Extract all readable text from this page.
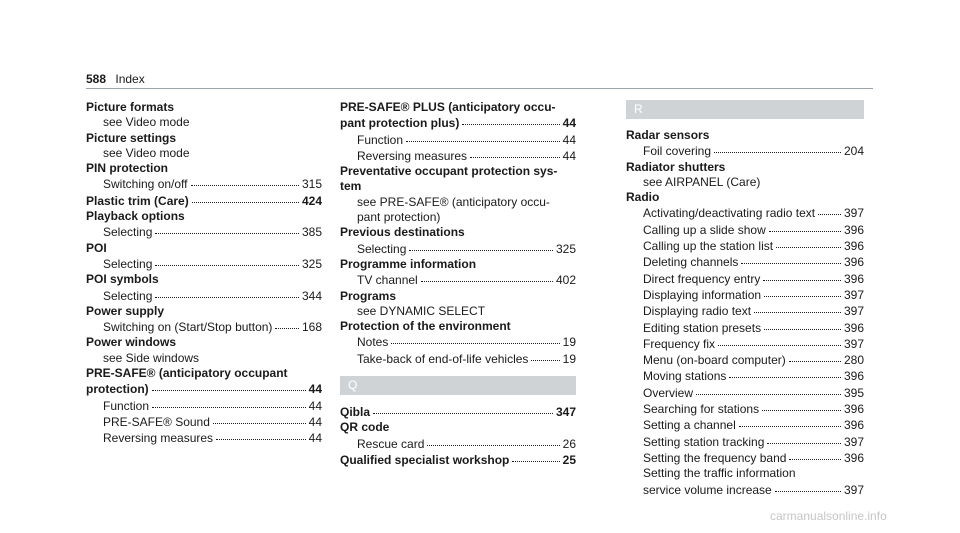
588 Index
Picture formats
see Video mode
Picture settings
see Video mode
PIN protection
Switching on/off	315
Plastic trim (Care)	424
Playback options
Selecting	385
POI
Selecting	325
POI symbols
Selecting	344
Power supply
Switching on (Start/Stop button) 168
Power windows
see Side windows
PRE-SAFE® (anticipatory occupant
protection)	44
Function	44
PRE-SAFE® Sound	44
Reversing measures	44
PRE-SAFE® PLUS (anticipatory occu-
pant protection plus)	44
Function	44
Reversing measures	44
Preventative occupant protection sys-
tem
see PRE-SAFE® (anticipatory occu-
pant protection)
Previous destinations
Selecting	325
Programme information
TV channel	402
Programs
see DYNAMIC SELECT
Protection of the environment
Notes	19
Take-back of end-of-life vehicles	19
Q
Qibla	347
QR code
Rescue card	26
Qualified specialist workshop	25
R
Radar sensors
Foil covering	204
Radiator shutters
see AIRPANEL (Care)
Radio
Activating/deactivating radio text 397
Calling up a slide show	396
Calling up the station list	396
Deleting channels	396
Direct frequency entry	396
Displaying information	397
Displaying radio text	397
Editing station presets	396
Frequency fix	397
Menu (on-board computer)	280
Moving stations	396
Overview	395
Searching for stations	396
Setting a channel	396
Setting station tracking	397
Setting the frequency band	396
Setting the traffic information
service volume increase	397
carmanualsonline.info
